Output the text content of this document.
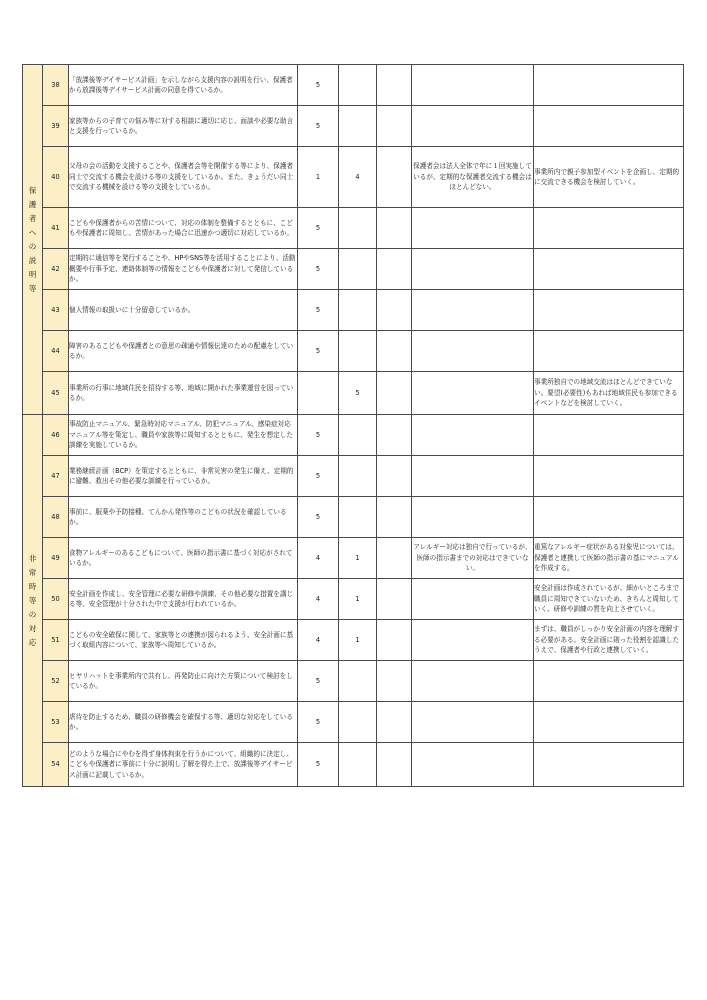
保護者への説明等	38	「放課後等デイサービス計画」を示しながら支援内容の説明を行い、保護者から放課後等デイサービス計画の同意を得ているか。	5				
	39	家族等からの子育ての悩み等に対する相談に適切に応じ、面談や必要な助言と支援を行っているか。	5				
	40	父母の会の活動を支援することや、保護者会等を開催する等により、保護者同士で交流する機会を設ける等の支援をしているか。また、きょうだい同士で交流する機械を設ける等の支援をしているか。	1	4		保護者会は法人全体で年に１回実施しているが、定期的な保護者交流する機会はほとんどない。	事業所内で親子参加型イベントを企画し、定期的に交流できる機会を検討していく。
	41	こどもや保護者からの苦情について、対応の体制を整備するとともに、こどもや保護者に周知し、苦情があった場合に迅速かつ適切に対応しているか。	5				
	42	定期的に通信等を発行することや、HPやSNS等を活用することにより、活動概要や行事予定、連絡体制等の情報をこどもや保護者に対して発信しているか。	5				
	43	個人情報の取扱いに十分留意しているか。	5				
	44	障害のあるこどもや保護者との意思の疎通や情報伝達のための配慮をしているか。	5				
	45	事業所の行事に地域住民を招待する等、地域に開かれた事業運営を図っているか。		5			事業所独自での地域交流はほとんどできていない。要望(必要性)もあれば地域住民も参加できるイベントなどを検討していく。
非常時等の対応	46	事故防止マニュアル、緊急時対応マニュアル、防犯マニュアル、感染症対応マニュアル等を策定し、職員や家族等に周知するとともに、発生を想定した訓練を実施しているか。	5				
	47	業務継続計画（BCP）を策定するとともに、非常災害の発生に備え、定期的に避難、救出その他必要な訓練を行っているか。	5				
	48	事前に、服薬や予防接種、てんかん発作等のこどもの状況を確認しているか。	5				
	49	食物アレルギーのあるこどもについて、医師の指示書に基づく対応がされているか。	4	1		アレルギー対応は独自で行っているが、医師の指示書までの対応はできていない。	重篤なアレルギー症状がある対象児については、保護者と連携して医師の指示書の基にマニュアルを作成する。
	50	安全計画を作成し、安全管理に必要な研修や訓練、その他必要な措置を講じる等、安全管理が十分された中で支援が行われているか。	4	1			安全計画は作成されているが、細かいところまで職員に周知できていないため、きちんと周知していく。研修や訓練の質を向上させていく。
	51	こどもの安全確保に関して、家族等との連携が図られるよう、安全計画に基づく取組内容について、家族等へ周知しているか。	4	1			まずは、職員がしっかり安全計画の内容を理解する必要がある。安全計画に則った役割を認識したうえで、保護者や行政と連携していく。
	52	ヒヤリハットを事業所内で共有し、再発防止に向けた方策について検討をしているか。	5				
	53	虐待を防止するため、職員の研修機会を確保する等、適切な対応をしているか。	5				
	54	どのような場合にやむを得ず身体拘束を行うかについて、組織的に決定し、こどもや保護者に事前に十分に説明し了解を得た上で、放課後等デイサービス計画に記載しているか。	5				
